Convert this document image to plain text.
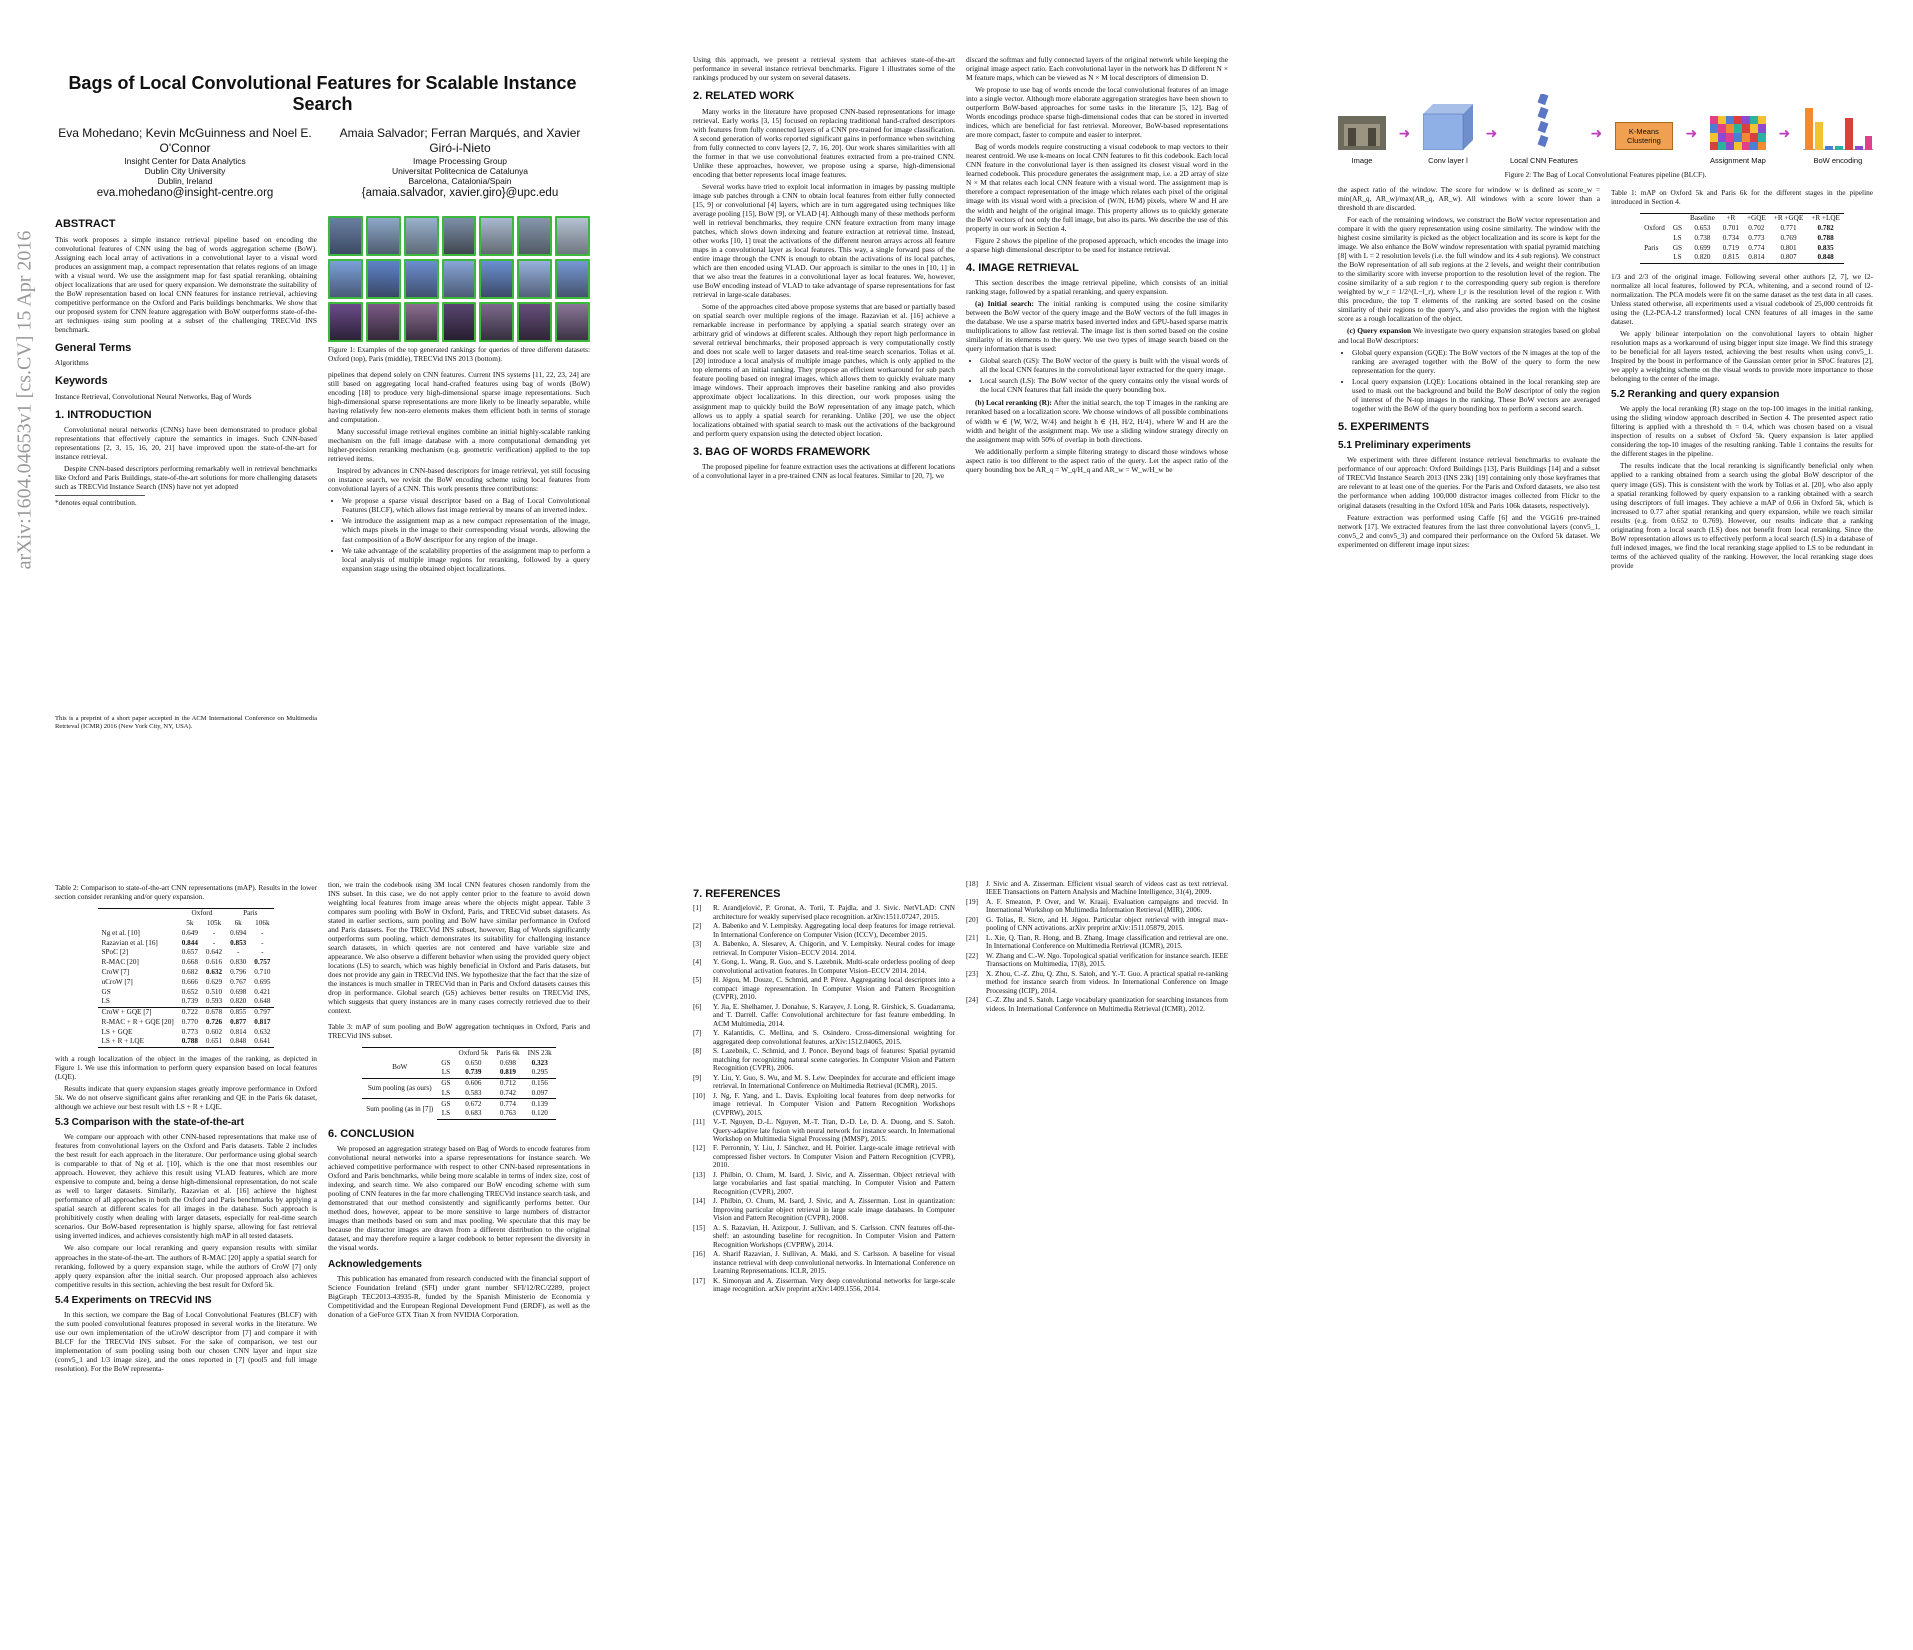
arXiv:1604.04653v1 [cs.CV] 15 Apr 2016
Bags of Local Convolutional Features for Scalable Instance Search
Eva Mohedano; Kevin McGuinness and Noel E. O'Connor
Insight Center for Data Analytics
Dublin City University
Dublin, Ireland
eva.mohedano@insight-centre.org
Amaia Salvador; Ferran Marqués, and Xavier Giró-i-Nieto
Image Processing Group
Universitat Politecnica de Catalunya
Barcelona, Catalonia/Spain
{amaia.salvador, xavier.giro}@upc.edu
ABSTRACT

This work proposes a simple instance retrieval pipeline based on encoding the convolutional features of CNN using the bag of words aggregation scheme (BoW). Assigning each local array of activations in a convolutional layer to a visual word produces an assignment map, a compact representation that relates regions of an image with a visual word. We use the assignment map for fast spatial reranking, obtaining object localizations that are used for query expansion. We demonstrate the suitability of the BoW representation based on local CNN features for instance retrieval, achieving competitive performance on the Oxford and Paris buildings benchmarks. We show that our proposed system for CNN feature aggregation with BoW outperforms state-of-the-art techniques using sum pooling at a subset of the challenging TRECVid INS benchmark.

General Terms

Algorithms

Keywords

Instance Retrieval, Convolutional Neural Networks, Bag of Words

1. INTRODUCTION

Convolutional neural networks (CNNs) have been demonstrated to produce global representations that effectively capture the semantics in images. Such CNN-based representations [2, 3, 15, 16, 20, 21] have improved upon the state-of-the-art for instance retrieval.

Despite CNN-based descriptors performing remarkably well in retrieval benchmarks like Oxford and Paris Buildings, state-of-the-art solutions for more challenging datasets such as TRECVid Instance Search (INS) have not yet adopted

*denotes equal contribution.
This is a preprint of a short paper accepted in the ACM International Conference on Multimedia Retrieval (ICMR) 2016 (New York City, NY, USA).
Figure 1: Examples of the top generated rankings for queries of three different datasets: Oxford (top), Paris (middle), TRECVid INS 2013 (bottom).

pipelines that depend solely on CNN features. Current INS systems [11, 22, 23, 24] are still based on aggregating local hand-crafted features using bag of words (BoW) encoding [18] to produce very high-dimensional sparse image representations. Such high-dimensional sparse representations are more likely to be linearly separable, while having relatively few non-zero elements makes them efficient both in terms of storage and computation.

Many successful image retrieval engines combine an initial highly-scalable ranking mechanism on the full image database with a more computational demanding yet higher-precision reranking mechanism (e.g. geometric verification) applied to the top retrieved items.

Inspired by advances in CNN-based descriptors for image retrieval, yet still focusing on instance search, we revisit the BoW encoding scheme using local features from convolutional layers of a CNN. This work presents three contributions:

• We propose a sparse visual descriptor based on a Bag of Local Convolutional Features (BLCF), which allows fast image retrieval by means of an inverted index.
• We introduce the assignment map as a new compact representation of the image, which maps pixels in the image to their corresponding visual words, allowing the fast composition of a BoW descriptor for any region of the image.
• We take advantage of the scalability properties of the assignment map to perform a local analysis of multiple image regions for reranking, followed by a query expansion stage using the obtained object localizations.

Using this approach, we present a retrieval system that achieves state-of-the-art performance in several instance retrieval benchmarks. Figure 1 illustrates some of the rankings produced by our system on several datasets.

2. RELATED WORK

Many works in the literature have proposed CNN-based representations for image retrieval. Early works [3, 15] focused on replacing traditional hand-crafted descriptors with features from fully connected layers of a CNN pre-trained for image classification. A second generation of works reported significant gains in performance when switching from fully connected to conv layers [2, 7, 16, 20]. Our work shares similarities with all the former in that we use convolutional features extracted from a pre-trained CNN. Unlike these approaches, however, we propose using a sparse, high-dimensional encoding that better represents local image features.

Several works have tried to exploit local information in images by passing multiple image sub patches through a CNN to obtain local features from either fully connected [15, 9] or convolutional [4] layers, which are in turn aggregated using techniques like average pooling [15], BoW [9], or VLAD [4]. Although many of these methods perform well in retrieval benchmarks, they require CNN feature extraction from many image patches, which slows down indexing and feature extraction at retrieval time. Instead, other works [10, 1] treat the activations of the different neuron arrays across all feature maps in a convolutional layer as local features. This way, a single forward pass of the entire image through the CNN is enough to obtain the activations of its local patches, which are then encoded using VLAD. Our approach is similar to the ones in [10, 1] in that we also treat the features in a convolutional layer as local features. We, however, use BoW encoding instead of VLAD to take advantage of sparse representations for fast retrieval in large-scale databases.

Some of the approaches cited above propose systems that are based or partially based on spatial search over multiple regions of the image. Razavian et al. [16] achieve a remarkable increase in performance by applying a spatial search strategy over an arbitrary grid of windows at different scales. Although they report high performance in several retrieval benchmarks, their proposed approach is very computationally costly and does not scale well to larger datasets and real-time search scenarios. Tolias et al. [20] introduce a local analysis of multiple image patches, which is only applied to the top elements of an initial ranking. They propose an efficient workaround for sub patch feature pooling based on integral images, which allows them to quickly evaluate many image windows. Their approach improves their baseline ranking and also provides approximate object localizations. In this direction, our work proposes using the assignment map to quickly build the BoW representation of any image patch, which allows us to apply a spatial search for reranking. Unlike [20], we use the object localizations obtained with spatial search to mask out the activations of the background and perform query expansion using the detected object location.

3. BAG OF WORDS FRAMEWORK

The proposed pipeline for feature extraction uses the activations at different locations of a convolutional layer in a pre-trained CNN as local features. Similar to [20, 7], we

discard the softmax and fully connected layers of the original network while keeping the original image aspect ratio. Each convolutional layer in the network has D different N × M feature maps, which can be viewed as N × M local descriptors of dimension D.

We propose to use bag of words encode the local convolutional features of an image into a single vector. Although more elaborate aggregation strategies have been shown to outperform BoW-based approaches for some tasks in the literature [5, 12], Bag of Words encodings produce sparse high-dimensional codes that can be stored in inverted indices, which are beneficial for fast retrieval. Moreover, BoW-based representations are more compact, faster to compute and easier to interpret.

Bag of words models require constructing a visual codebook to map vectors to their nearest centroid. We use k-means on local CNN features to fit this codebook. Each local CNN feature in the convolutional layer is then assigned its closest visual word in the learned codebook. This procedure generates the assignment map, i.e. a 2D array of size N × M that relates each local CNN feature with a visual word. The assignment map is therefore a compact representation of the image which relates each pixel of the original image with its visual word with a precision of (W/N, H/M) pixels, where W and H are the width and height of the original image. This property allows us to quickly generate the BoW vectors of not only the full image, but also its parts. We describe the use of this property in our work in Section 4.

Figure 2 shows the pipeline of the proposed approach, which encodes the image into a sparse high dimensional descriptor to be used for instance retrieval.

4. IMAGE RETRIEVAL

This section describes the image retrieval pipeline, which consists of an initial ranking stage, followed by a spatial reranking, and query expansion.

(a) Initial search: The initial ranking is computed using the cosine similarity between the BoW vector of the query image and the BoW vectors of the full images in the database. We use a sparse matrix based inverted index and GPU-based sparse matrix multiplications to allow fast retrieval. The image list is then sorted based on the cosine similarity of its elements to the query. We use two types of image search based on the query information that is used:

• Global search (GS): The BoW vector of the query is built with the visual words of all the local CNN features in the convolutional layer extracted for the query image.
• Local search (LS): The BoW vector of the query contains only the visual words of the local CNN features that fall inside the query bounding box.

(b) Local reranking (R): After the initial search, the top T images in the ranking are reranked based on a localization score. We choose windows of all possible combinations of width w ∈ {W, W/2, W/4} and height h ∈ {H, H/2, H/4}, where W and H are the width and height of the assignment map. We use a sliding window strategy directly on the assignment map with 50% of overlap in both directions.

We additionally perform a simple filtering strategy to discard those windows whose aspect ratio is too different to the aspect ratio of the query. Let the aspect ratio of the query bounding box be AR_q = W_q/H_q and AR_w = W_w/H_w be

Image
➜
Conv layer l
➜
Local CNN Features
➜	K-Means Clustering
	➜
Assignment Map
➜
BoW encoding
Figure 2: The Bag of Local Convolutional Features pipeline (BLCF).

the aspect ratio of the window. The score for window w is defined as score_w = min(AR_q, AR_w)/max(AR_q, AR_w). All windows with a score lower than a threshold th are discarded.

For each of the remaining windows, we construct the BoW vector representation and compare it with the query representation using cosine similarity. The window with the highest cosine similarity is picked as the object localization and its score is kept for the image. We also enhance the BoW window representation with spatial pyramid matching [8] with L = 2 resolution levels (i.e. the full window and its 4 sub regions). We construct the BoW representation of all sub regions at the 2 levels, and weight their contribution to the similarity score with inverse proportion to the resolution level of the region. The cosine similarity of a sub region r to the corresponding query sub region is therefore weighted by w_r = 1/2^(L−l_r), where l_r is the resolution level of the region r. With this procedure, the top T elements of the ranking are sorted based on the cosine similarity of their regions to the query's, and also provides the region with the highest score as a rough localization of the object.

(c) Query expansion We investigate two query expansion strategies based on global and local BoW descriptors:

• Global query expansion (GQE): The BoW vectors of the N images at the top of the ranking are averaged together with the BoW of the query to form the new representation for the query.
• Local query expansion (LQE): Locations obtained in the local reranking step are used to mask out the background and build the BoW descriptor of only the region of interest of the N-top images in the ranking. These BoW vectors are averaged together with the BoW of the query bounding box to perform a second search.
5. EXPERIMENTS
5.1 Preliminary experiments

We experiment with three different instance retrieval benchmarks to evaluate the performance of our approach: Oxford Buildings [13], Paris Buildings [14] and a subset of TRECVid Instance Search 2013 (INS 23k) [19] containing only those keyframes that are relevant to at least one of the queries. For the Paris and Oxford datasets, we also test the performance when adding 100,000 distractor images collected from Flickr to the original datasets (resulting in the Oxford 105k and Paris 106k datasets, respectively).

Feature extraction was performed using Caffe [6] and the VGG16 pre-trained network [17]. We extracted features from the last three convolutional layers (conv5_1, conv5_2 and conv5_3) and compared their performance on the Oxford 5k dataset. We experimented on different image input sizes:

Table 1: mAP on Oxford 5k and Paris 6k for the different stages in the pipeline introduced in Section 4.
		Baseline	+R	+GQE	+R +GQE	+R +LQE
Oxford	GS	0.653	0.701	0.702	0.771	0.782
	LS	0.738	0.734	0.773	0.769	0.788
Paris	GS	0.699	0.719	0.774	0.801	0.835
	LS	0.820	0.815	0.814	0.807	0.848

1/3 and 2/3 of the original image. Following several other authors [2, 7], we l2-normalize all local features, followed by PCA, whitening, and a second round of l2-normalization. The PCA models were fit on the same dataset as the test data in all cases. Unless stated otherwise, all experiments used a visual codebook of 25,000 centroids fit using the (L2-PCA-L2 transformed) local CNN features of all images in the same dataset.

We apply bilinear interpolation on the convolutional layers to obtain higher resolution maps as a workaround of using bigger input size image. We find this strategy to be beneficial for all layers tested, achieving the best results when using conv5_1. Inspired by the boost in performance of the Gaussian center prior in SPoC features [2], we apply a weighting scheme on the visual words to provide more importance to those belonging to the center of the image.

5.2 Reranking and query expansion

We apply the local reranking (R) stage on the top-100 images in the initial ranking, using the sliding window approach described in Section 4. The presented aspect ratio filtering is applied with a threshold th = 0.4, which was chosen based on a visual inspection of results on a subset of Oxford 5k. Query expansion is later applied considering the top-10 images of the resulting ranking. Table 1 contains the results for the different stages in the pipeline.

The results indicate that the local reranking is significantly beneficial only when applied to a ranking obtained from a search using the global BoW descriptor of the query image (GS). This is consistent with the work by Tolias et al. [20], who also apply a spatial reranking followed by query expansion to a ranking obtained with a search using descriptors of full images. They achieve a mAP of 0.66 in Oxford 5k, which is increased to 0.77 after spatial reranking and query expansion, while we reach similar results (e.g. from 0.652 to 0.769). However, our results indicate that a ranking originating from a local search (LS) does not benefit from local reranking. Since the BoW representation allows us to effectively perform a local search (LS) in a database of full indexed images, we find the local reranking stage applied to LS to be redundant in terms of the achieved quality of the ranking. However, the local reranking stage does provide

Table 2: Comparison to state-of-the-art CNN representations (mAP). Results in the lower section consider reranking and/or query expansion.
	Oxford		Paris	
	5k	105k	6k	106k
Ng et al. [10]	0.649	-	0.694	-
Razavian et al. [16]	0.844	-	0.853	-
SPoC [2]	0.657	0.642	-	-
R-MAC [20]	0.668	0.616	0.830	0.757
CroW [7]	0.682	0.632	0.796	0.710
uCroW [7]	0.666	0.629	0.767	0.695
GS	0.652	0.510	0.698	0.421
LS	0.739	0.593	0.820	0.648
CroW + GQE [7]	0.722	0.678	0.855	0.797
R-MAC + R + GQE [20]	0.770	0.726	0.877	0.817
LS + GQE	0.773	0.602	0.814	0.632
LS + R + LQE	0.788	0.651	0.848	0.641

with a rough localization of the object in the images of the ranking, as depicted in Figure 1. We use this information to perform query expansion based on local features (LQE).

Results indicate that query expansion stages greatly improve performance in Oxford 5k. We do not observe significant gains after reranking and QE in the Paris 6k dataset, although we achieve our best result with LS + R + LQE.

5.3 Comparison with the state-of-the-art

We compare our approach with other CNN-based representations that make use of features from convolutional layers on the Oxford and Paris datasets. Table 2 includes the best result for each approach in the literature. Our performance using global search is comparable to that of Ng et al. [10], which is the one that most resembles our approach. However, they achieve this result using VLAD features, which are more expensive to compute and, being a dense high-dimensional representation, do not scale as well to larger datasets. Similarly, Razavian et al. [16] achieve the highest performance of all approaches in both the Oxford and Paris benchmarks by applying a spatial search at different scales for all images in the database. Such approach is prohibitively costly when dealing with larger datasets, especially for real-time search scenarios. Our BoW-based representation is highly sparse, allowing for fast retrieval using inverted indices, and achieves consistently high mAP in all tested datasets.

We also compare our local reranking and query expansion results with similar approaches in the state-of-the-art. The authors of R-MAC [20] apply a spatial search for reranking, followed by a query expansion stage, while the authors of CroW [7] only apply query expansion after the initial search. Our proposed approach also achieves competitive results in this section, achieving the best result for Oxford 5k.

5.4 Experiments on TRECVid INS

In this section, we compare the Bag of Local Convolutional Features (BLCF) with the sum pooled convolutional features proposed in several works in the literature. We use our own implementation of the uCroW descriptor from [7] and compare it with BLCF for the TRECVid INS subset. For the sake of comparison, we test our implementation of sum pooling using both our chosen CNN layer and input size (conv5_1 and 1/3 image size), and the ones reported in [7] (pool5 and full image resolution). For the BoW representa-

tion, we train the codebook using 3M local CNN features chosen randomly from the INS subset. In this case, we do not apply center prior to the feature to avoid down weighting local features from image areas where the objects might appear. Table 3 compares sum pooling with BoW in Oxford, Paris, and TRECVid subset datasets. As stated in earlier sections, sum pooling and BoW have similar performance in Oxford and Paris datasets. For the TRECVid INS subset, however, Bag of Words significantly outperforms sum pooling, which demonstrates its suitability for challenging instance search datasets, in which queries are not centered and have variable size and appearance. We also observe a different behavior when using the provided query object locations (LS) to search, which was highly beneficial in Oxford and Paris datasets, but does not provide any gain in TRECVid INS. We hypothesize that the fact that the size of the instances is much smaller in TRECVid than in Paris and Oxford datasets causes this drop in performance. Global search (GS) achieves better results on TRECVid INS, which suggests that query instances are in many cases correctly retrieved due to their context.

Table 3: mAP of sum pooling and BoW aggregation techniques in Oxford, Paris and TRECVid INS subset.
		Oxford 5k	Paris 6k	INS 23k
BoW	GS	0.650	0.698	0.323
	LS	0.739	0.819	0.295
Sum pooling (as ours)	GS	0.606	0.712	0.156
	LS	0.583	0.742	0.097
Sum pooling (as in [7])	GS	0.672	0.774	0.139
	LS	0.683	0.763	0.120
6. CONCLUSION

We proposed an aggregation strategy based on Bag of Words to encode features from convolutional neural networks into a sparse representations for instance search. We achieved competitive performance with respect to other CNN-based representations in Oxford and Paris benchmarks, while being more scalable in terms of index size, cost of indexing, and search time. We also compared our BoW encoding scheme with sum pooling of CNN features in the far more challenging TRECVid instance search task, and demonstrated that our method consistently and significantly performs better. Our method does, however, appear to be more sensitive to large numbers of distractor images than methods based on sum and max pooling. We speculate that this may be because the distractor images are drawn from a different distribution to the original dataset, and may therefore require a larger codebook to better represent the diversity in the visual words.

Acknowledgements

This publication has emanated from research conducted with the financial support of Science Foundation Ireland (SFI) under grant number SFI/12/RC/2289, project BigGraph TEC2013-43935-R, funded by the Spanish Ministerio de Economía y Competitividad and the European Regional Development Fund (ERDF), as well as the donation of a GeForce GTX Titan X from NVIDIA Corporation.

7. REFERENCES
[1]	R. Arandjelović, P. Gronat, A. Torii, T. Pajdla, and J. Sivic. NetVLAD: CNN architecture for weakly supervised place recognition. arXiv:1511.07247, 2015.
[2]	A. Babenko and V. Lempitsky. Aggregating local deep features for image retrieval. In International Conference on Computer Vision (ICCV), December 2015.
[3]	A. Babenko, A. Slesarev, A. Chigorin, and V. Lempitsky. Neural codes for image retrieval. In Computer Vision–ECCV 2014. 2014.
[4]	Y. Gong, L. Wang, R. Guo, and S. Lazebnik. Multi-scale orderless pooling of deep convolutional activation features. In Computer Vision–ECCV 2014. 2014.
[5]	H. Jégou, M. Douze, C. Schmid, and P. Pérez. Aggregating local descriptors into a compact image representation. In Computer Vision and Pattern Recognition (CVPR), 2010.
[6]	Y. Jia, E. Shelhamer, J. Donahue, S. Karayev, J. Long, R. Girshick, S. Guadarrama, and T. Darrell. Caffe: Convolutional architecture for fast feature embedding. In ACM Multimedia, 2014.
[7]	Y. Kalantidis, C. Mellina, and S. Osindero. Cross-dimensional weighting for aggregated deep convolutional features. arXiv:1512.04065, 2015.
[8]	S. Lazebnik, C. Schmid, and J. Ponce. Beyond bags of features: Spatial pyramid matching for recognizing natural scene categories. In Computer Vision and Pattern Recognition (CVPR), 2006.
[9]	Y. Liu, Y. Guo, S. Wu, and M. S. Lew. Deepindex for accurate and efficient image retrieval. In International Conference on Multimedia Retrieval (ICMR), 2015.
[10]	J. Ng, F. Yang, and L. Davis. Exploiting local features from deep networks for image retrieval. In Computer Vision and Pattern Recognition Workshops (CVPRW), 2015.
[11]	V.-T. Nguyen, D.-L. Nguyen, M.-T. Tran, D.-D. Le, D. A. Duong, and S. Satoh. Query-adaptive late fusion with neural network for instance search. In International Workshop on Multimedia Signal Processing (MMSP), 2015.
[12]	F. Perronnin, Y. Liu, J. Sánchez, and H. Poirier. Large-scale image retrieval with compressed fisher vectors. In Computer Vision and Pattern Recognition (CVPR), 2010.
[13]	J. Philbin, O. Chum, M. Isard, J. Sivic, and A. Zisserman. Object retrieval with large vocabularies and fast spatial matching. In Computer Vision and Pattern Recognition (CVPR), 2007.
[14]	J. Philbin, O. Chum, M. Isard, J. Sivic, and A. Zisserman. Lost in quantization: Improving particular object retrieval in large scale image databases. In Computer Vision and Pattern Recognition (CVPR), 2008.
[15]	A. S. Razavian, H. Azizpour, J. Sullivan, and S. Carlsson. CNN features off-the-shelf: an astounding baseline for recognition. In Computer Vision and Pattern Recognition Workshops (CVPRW), 2014.
[16]	A. Sharif Razavian, J. Sullivan, A. Maki, and S. Carlsson. A baseline for visual instance retrieval with deep convolutional networks. In International Conference on Learning Representations. ICLR, 2015.
[17]	K. Simonyan and A. Zisserman. Very deep convolutional networks for large-scale image recognition. arXiv preprint arXiv:1409.1556, 2014.
[18]	J. Sivic and A. Zisserman. Efficient visual search of videos cast as text retrieval. IEEE Transactions on Pattern Analysis and Machine Intelligence, 31(4), 2009.
[19]	A. F. Smeaton, P. Over, and W. Kraaij. Evaluation campaigns and trecvid. In International Workshop on Multimedia Information Retrieval (MIR), 2006.
[20]	G. Tolias, R. Sicre, and H. Jégou. Particular object retrieval with integral max-pooling of CNN activations. arXiv preprint arXiv:1511.05879, 2015.
[21]	L. Xie, Q. Tian, R. Hong, and B. Zhang. Image classification and retrieval are one. In International Conference on Multimedia Retrieval (ICMR), 2015.
[22]	W. Zhang and C.-W. Ngo. Topological spatial verification for instance search. IEEE Transactions on Multimedia, 17(8), 2015.
[23]	X. Zhou, C.-Z. Zhu, Q. Zhu, S. Satoh, and Y.-T. Guo. A practical spatial re-ranking method for instance search from videos. In International Conference on Image Processing (ICIP), 2014.
[24]	C.-Z. Zhu and S. Satoh. Large vocabulary quantization for searching instances from videos. In International Conference on Multimedia Retrieval (ICMR), 2012.
